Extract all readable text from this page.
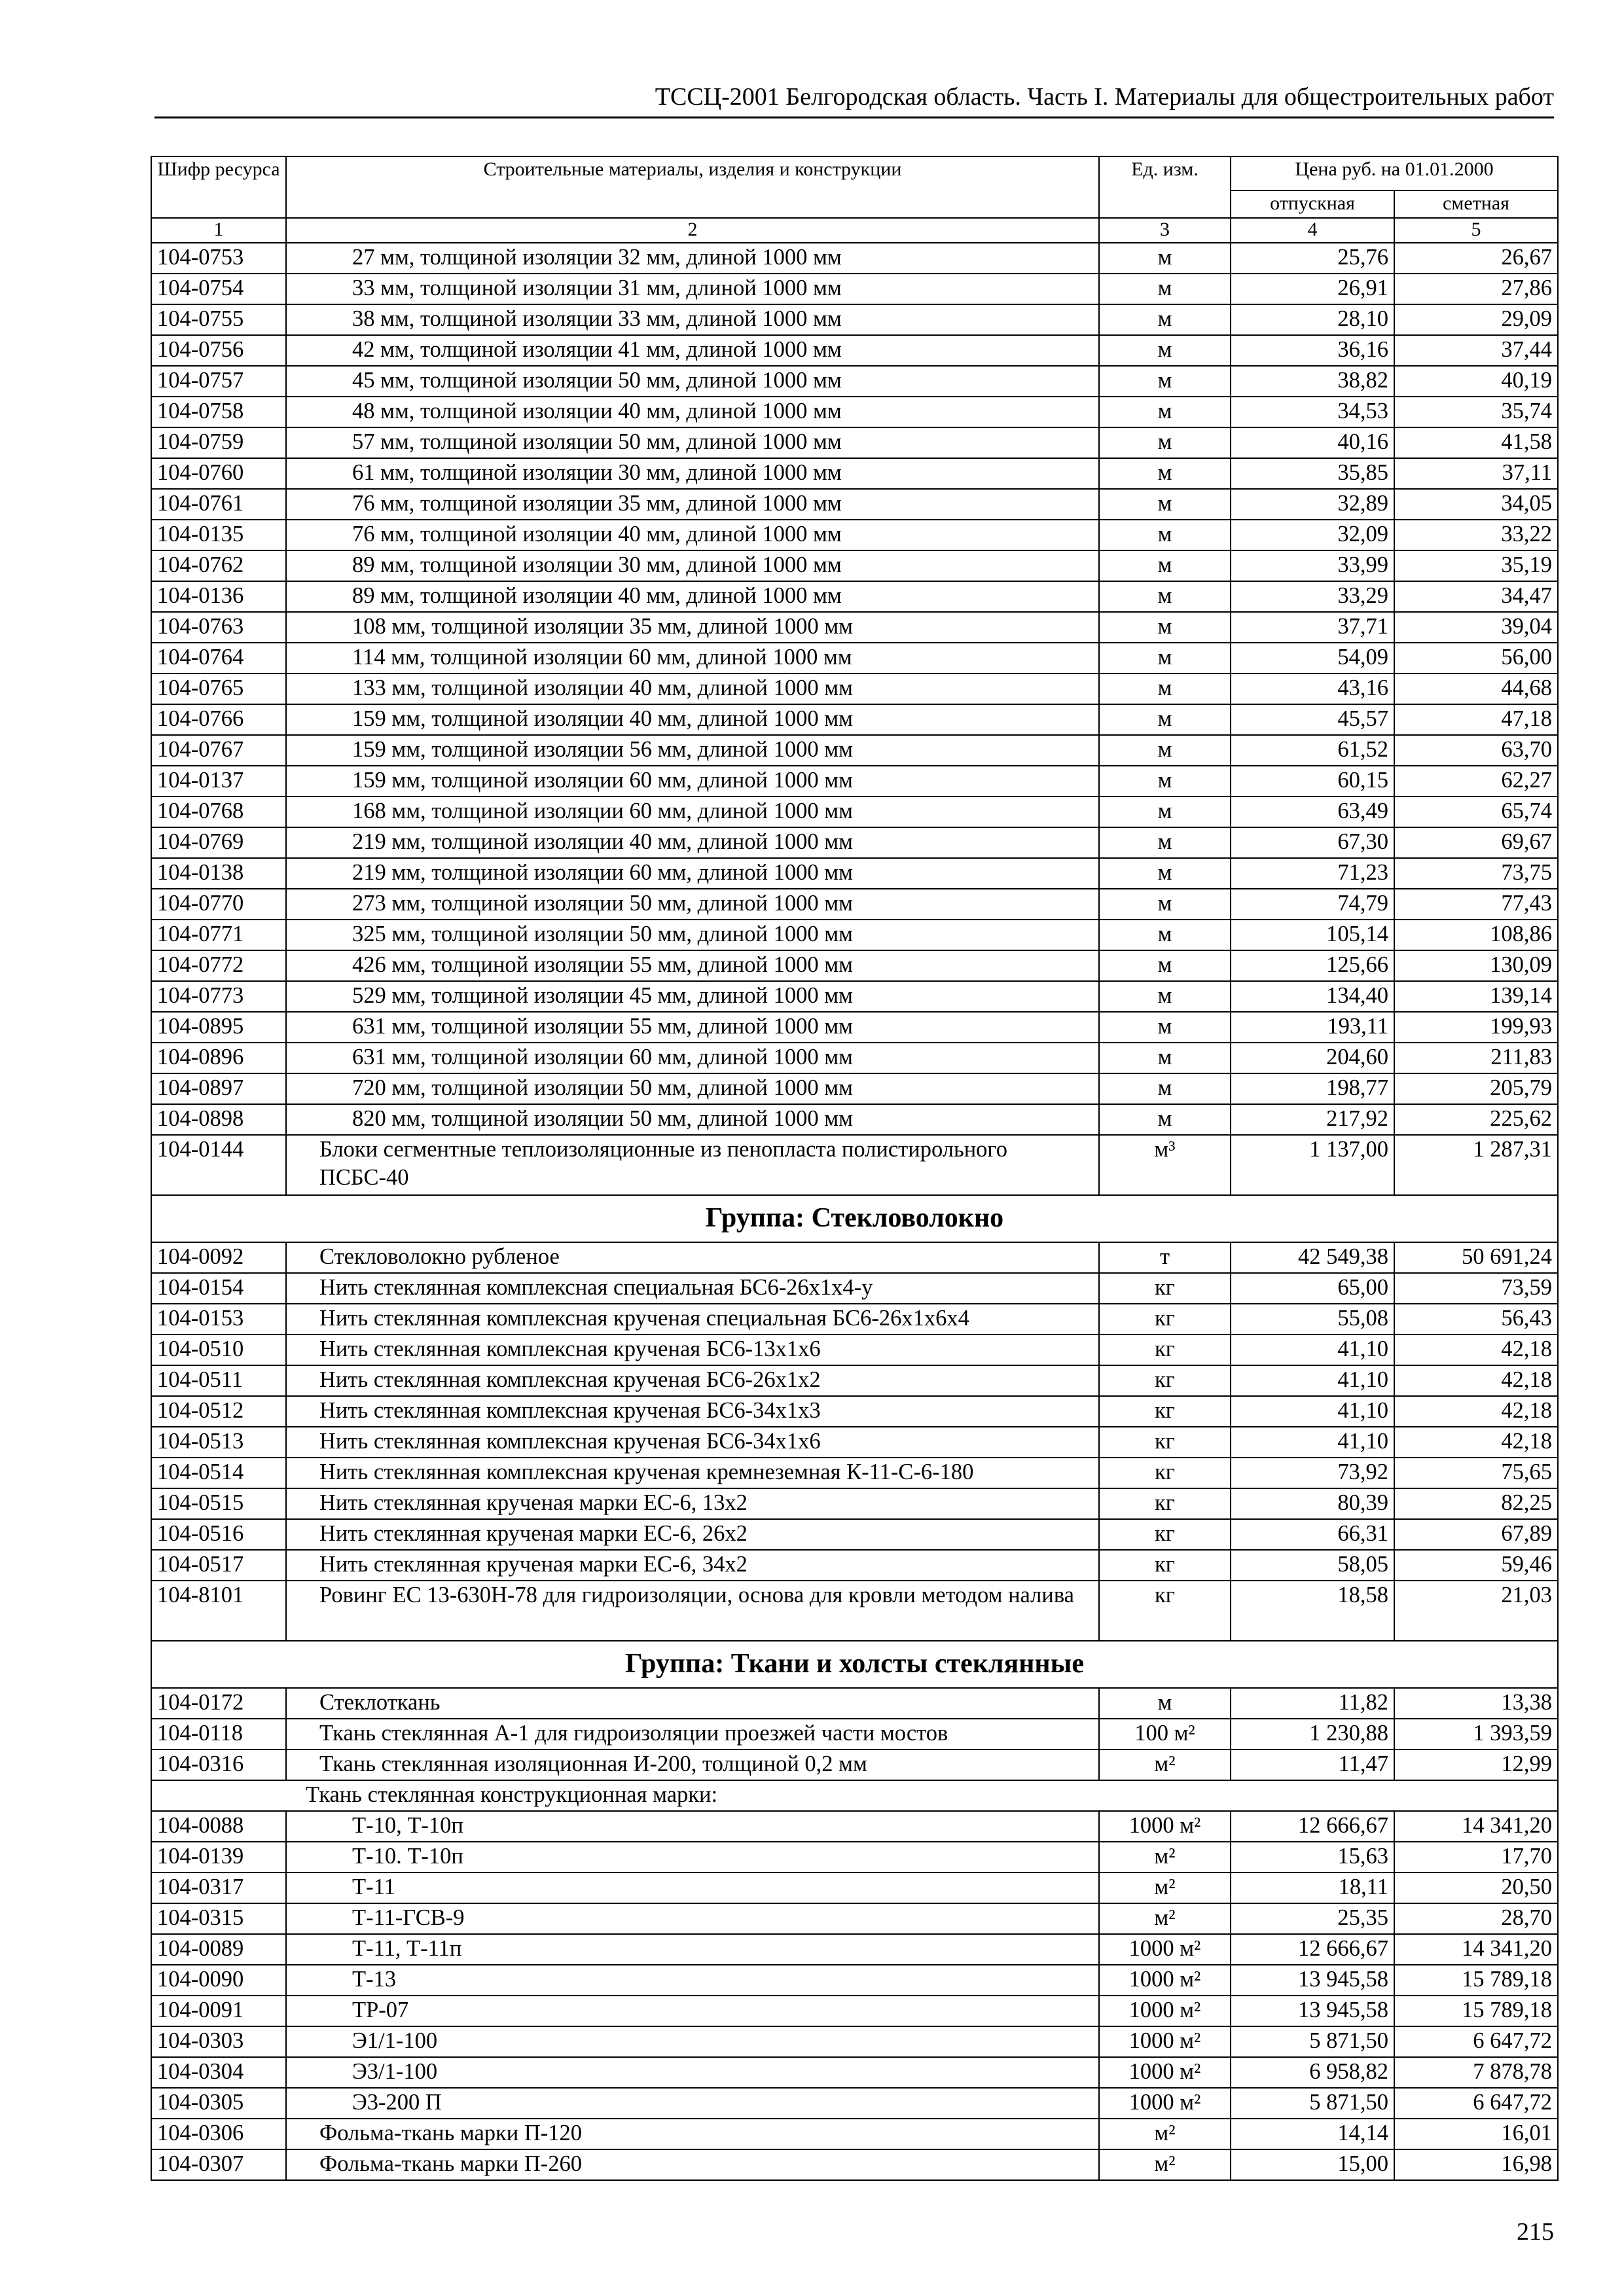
ТССЦ-2001 Белгородская область. Часть I. Материалы для общестроительных работ
Шифр ресурса	Строительные материалы, изделия и конструкции	Ед. изм.	Цена руб. на 01.01.2000	
			отпускная	сметная
1	2	3	4	5
104-0753	27 мм, толщиной изоляции 32 мм, длиной 1000 мм	м	25,76	26,67
104-0754	33 мм, толщиной изоляции 31 мм, длиной 1000 мм	м	26,91	27,86
104-0755	38 мм, толщиной изоляции 33 мм, длиной 1000 мм	м	28,10	29,09
104-0756	42 мм, толщиной изоляции 41 мм, длиной 1000 мм	м	36,16	37,44
104-0757	45 мм, толщиной изоляции 50 мм, длиной 1000 мм	м	38,82	40,19
104-0758	48 мм, толщиной изоляции 40 мм, длиной 1000 мм	м	34,53	35,74
104-0759	57 мм, толщиной изоляции 50 мм, длиной 1000 мм	м	40,16	41,58
104-0760	61 мм, толщиной изоляции 30 мм, длиной 1000 мм	м	35,85	37,11
104-0761	76 мм, толщиной изоляции 35 мм, длиной 1000 мм	м	32,89	34,05
104-0135	76 мм, толщиной изоляции 40 мм, длиной 1000 мм	м	32,09	33,22
104-0762	89 мм, толщиной изоляции 30 мм, длиной 1000 мм	м	33,99	35,19
104-0136	89 мм, толщиной изоляции 40 мм, длиной 1000 мм	м	33,29	34,47
104-0763	108 мм, толщиной изоляции 35 мм, длиной 1000 мм	м	37,71	39,04
104-0764	114 мм, толщиной изоляции 60 мм, длиной 1000 мм	м	54,09	56,00
104-0765	133 мм, толщиной изоляции 40 мм, длиной 1000 мм	м	43,16	44,68
104-0766	159 мм, толщиной изоляции 40 мм, длиной 1000 мм	м	45,57	47,18
104-0767	159 мм, толщиной изоляции 56 мм, длиной 1000 мм	м	61,52	63,70
104-0137	159 мм, толщиной изоляции 60 мм, длиной 1000 мм	м	60,15	62,27
104-0768	168 мм, толщиной изоляции 60 мм, длиной 1000 мм	м	63,49	65,74
104-0769	219 мм, толщиной изоляции 40 мм, длиной 1000 мм	м	67,30	69,67
104-0138	219 мм, толщиной изоляции 60 мм, длиной 1000 мм	м	71,23	73,75
104-0770	273 мм, толщиной изоляции 50 мм, длиной 1000 мм	м	74,79	77,43
104-0771	325 мм, толщиной изоляции 50 мм, длиной 1000 мм	м	105,14	108,86
104-0772	426 мм, толщиной изоляции 55 мм, длиной 1000 мм	м	125,66	130,09
104-0773	529 мм, толщиной изоляции 45 мм, длиной 1000 мм	м	134,40	139,14
104-0895	631 мм, толщиной изоляции 55 мм, длиной 1000 мм	м	193,11	199,93
104-0896	631 мм, толщиной изоляции 60 мм, длиной 1000 мм	м	204,60	211,83
104-0897	720 мм, толщиной изоляции 50 мм, длиной 1000 мм	м	198,77	205,79
104-0898	820 мм, толщиной изоляции 50 мм, длиной 1000 мм	м	217,92	225,62
104-0144	Блоки сегментные теплоизоляционные из пенопласта полистирольного ПСБС-40	м³	1 137,00	1 287,31
Группа: Стекловолокно				
104-0092	Стекловолокно рубленое	т	42 549,38	50 691,24
104-0154	Нить стеклянная комплексная специальная БС6-26х1х4-у	кг	65,00	73,59
104-0153	Нить стеклянная комплексная крученая специальная БС6-26х1х6х4	кг	55,08	56,43
104-0510	Нить стеклянная комплексная крученая БС6-13х1х6	кг	41,10	42,18
104-0511	Нить стеклянная комплексная крученая БС6-26х1х2	кг	41,10	42,18
104-0512	Нить стеклянная комплексная крученая БС6-34х1х3	кг	41,10	42,18
104-0513	Нить стеклянная комплексная крученая БС6-34х1х6	кг	41,10	42,18
104-0514	Нить стеклянная комплексная крученая кремнеземная К-11-С-6-180	кг	73,92	75,65
104-0515	Нить стеклянная крученая марки ЕС-6, 13х2	кг	80,39	82,25
104-0516	Нить стеклянная крученая марки ЕС-6, 26х2	кг	66,31	67,89
104-0517	Нить стеклянная крученая марки ЕС-6, 34х2	кг	58,05	59,46
104-8101	Ровинг ЕС 13-630Н-78 для гидроизоляции, основа для кровли методом налива	кг	18,58	21,03
Группа: Ткани и холсты стеклянные				
104-0172	Стеклоткань	м	11,82	13,38
104-0118	Ткань стеклянная А-1 для гидроизоляции проезжей части мостов	100 м²	1 230,88	1 393,59
104-0316	Ткань стеклянная изоляционная И-200, толщиной 0,2 мм	м²	11,47	12,99
Ткань стеклянная конструкционная марки:				
104-0088	Т-10, Т-10п	1000 м²	12 666,67	14 341,20
104-0139	Т-10. Т-10п	м²	15,63	17,70
104-0317	Т-11	м²	18,11	20,50
104-0315	Т-11-ГСВ-9	м²	25,35	28,70
104-0089	Т-11, Т-11п	1000 м²	12 666,67	14 341,20
104-0090	Т-13	1000 м²	13 945,58	15 789,18
104-0091	ТР-07	1000 м²	13 945,58	15 789,18
104-0303	Э1/1-100	1000 м²	5 871,50	6 647,72
104-0304	Э3/1-100	1000 м²	6 958,82	7 878,78
104-0305	Э3-200 П	1000 м²	5 871,50	6 647,72
104-0306	Фольма-ткань марки П-120	м²	14,14	16,01
104-0307	Фольма-ткань марки П-260	м²	15,00	16,98
215
